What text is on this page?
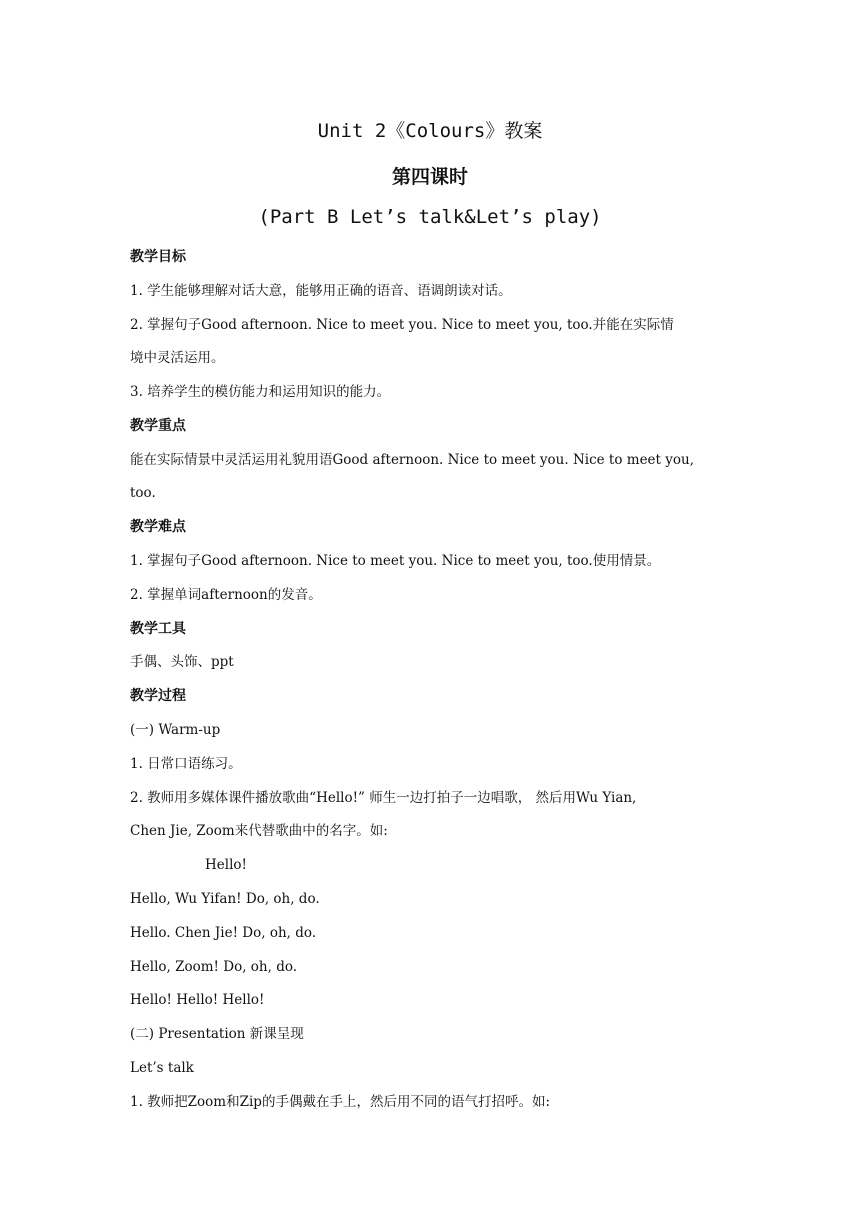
Unit 2《Colours》教案
第四课时
(Part B Let’s talk&Let’s play)
教学目标
1. 学生能够理解对话大意，能够用正确的语音、语调朗读对话。
2. 掌握句子Good afternoon. Nice to meet you. Nice to meet you, too.并能在实际情
境中灵活运用。
3. 培养学生的模仿能力和运用知识的能力。
教学重点
能在实际情景中灵活运用礼貌用语Good afternoon. Nice to meet you. Nice to meet you,
too.
教学难点
1. 掌握句子Good afternoon. Nice to meet you. Nice to meet you, too.使用情景。
2. 掌握单词afternoon的发音。
教学工具
手偶、头饰、ppt
教学过程
(一) Warm-up
1. 日常口语练习。
2. 教师用多媒体课件播放歌曲“Hello!” 师生一边打拍子一边唱歌， 然后用Wu Yian,
Chen Jie, Zoom来代替歌曲中的名字。如:
Hello!
Hello, Wu Yifan! Do, oh, do.
Hello. Chen Jie! Do, oh, do.
Hello, Zoom! Do, oh, do.
Hello! Hello! Hello!
(二) Presentation 新课呈现
Let’s talk
1. 教师把Zoom和Zip的手偶戴在手上，然后用不同的语气打招呼。如:
